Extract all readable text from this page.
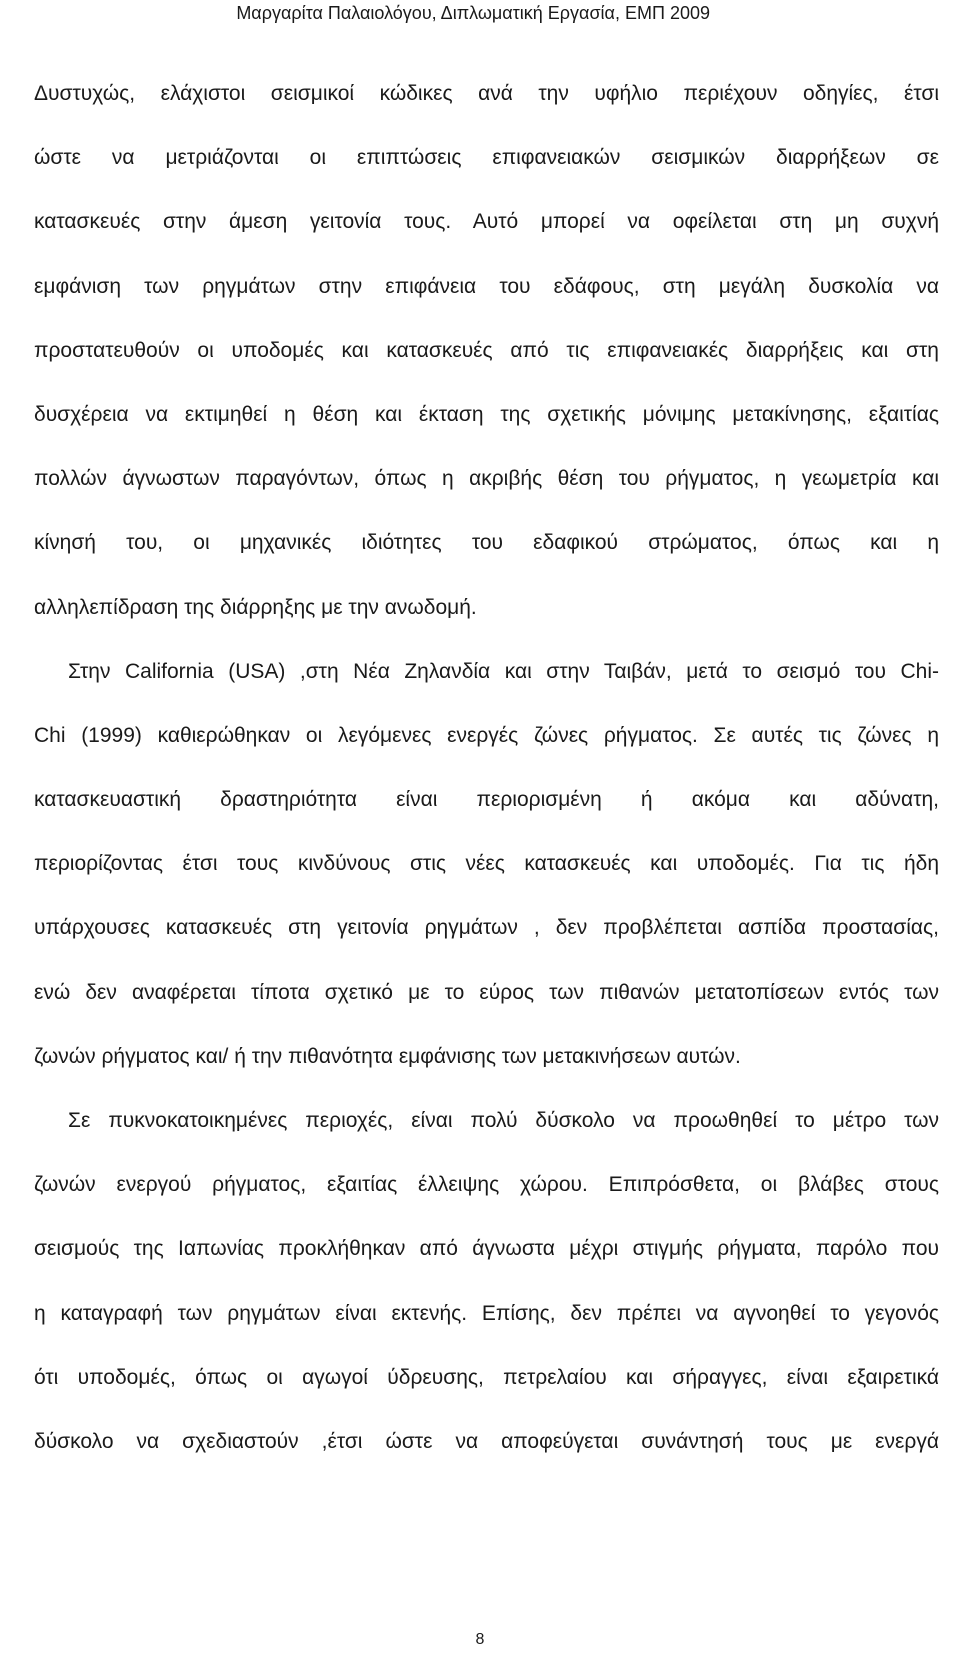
Μαργαρίτα Παλαιολόγου, Διπλωματική Εργασία, ΕΜΠ 2009
Δυστυχώς, ελάχιστοι σεισμικοί κώδικες ανά την υφήλιο περιέχουν οδηγίες, έτσι
ώστε να μετριάζονται οι επιπτώσεις επιφανειακών σεισμικών διαρρήξεων σε
κατασκευές στην άμεση γειτονία τους. Αυτό μπορεί να οφείλεται στη μη συχνή
εμφάνιση των ρηγμάτων στην επιφάνεια του εδάφους, στη μεγάλη δυσκολία να
προστατευθούν οι υποδομές και κατασκευές από τις επιφανειακές διαρρήξεις και στη
δυσχέρεια να εκτιμηθεί η θέση και έκταση της σχετικής μόνιμης μετακίνησης, εξαιτίας
πολλών άγνωστων παραγόντων, όπως η ακριβής θέση του ρήγματος, η γεωμετρία και
κίνησή του, οι μηχανικές ιδιότητες του εδαφικού στρώματος, όπως και η
αλληλεπίδραση της διάρρηξης με την ανωδομή.
Στην California (USA) ,στη Νέα Ζηλανδία και στην Ταιβάν, μετά το σεισμό του Chi-
Chi (1999) καθιερώθηκαν οι λεγόμενες ενεργές ζώνες ρήγματος. Σε αυτές τις ζώνες η
κατασκευαστική δραστηριότητα είναι περιορισμένη ή ακόμα και αδύνατη,
περιορίζοντας έτσι τους κινδύνους στις νέες κατασκευές και υποδομές. Για τις ήδη
υπάρχουσες κατασκευές στη γειτονία ρηγμάτων , δεν προβλέπεται ασπίδα προστασίας,
ενώ δεν αναφέρεται τίποτα σχετικό με το εύρος των πιθανών μετατοπίσεων εντός των
ζωνών ρήγματος και/ ή την πιθανότητα εμφάνισης των μετακινήσεων αυτών.
Σε πυκνοκατοικημένες περιοχές, είναι πολύ δύσκολο να προωθηθεί το μέτρο των
ζωνών ενεργού ρήγματος, εξαιτίας έλλειψης χώρου. Επιπρόσθετα, οι βλάβες στους
σεισμούς της Ιαπωνίας προκλήθηκαν από άγνωστα μέχρι στιγμής ρήγματα, παρόλο που
η καταγραφή των ρηγμάτων είναι εκτενής. Επίσης, δεν πρέπει να αγνοηθεί το γεγονός
ότι υποδομές, όπως οι αγωγοί ύδρευσης, πετρελαίου και σήραγγες, είναι εξαιρετικά
δύσκολο να σχεδιαστούν ,έτσι ώστε να αποφεύγεται συνάντησή τους με ενεργά
8
